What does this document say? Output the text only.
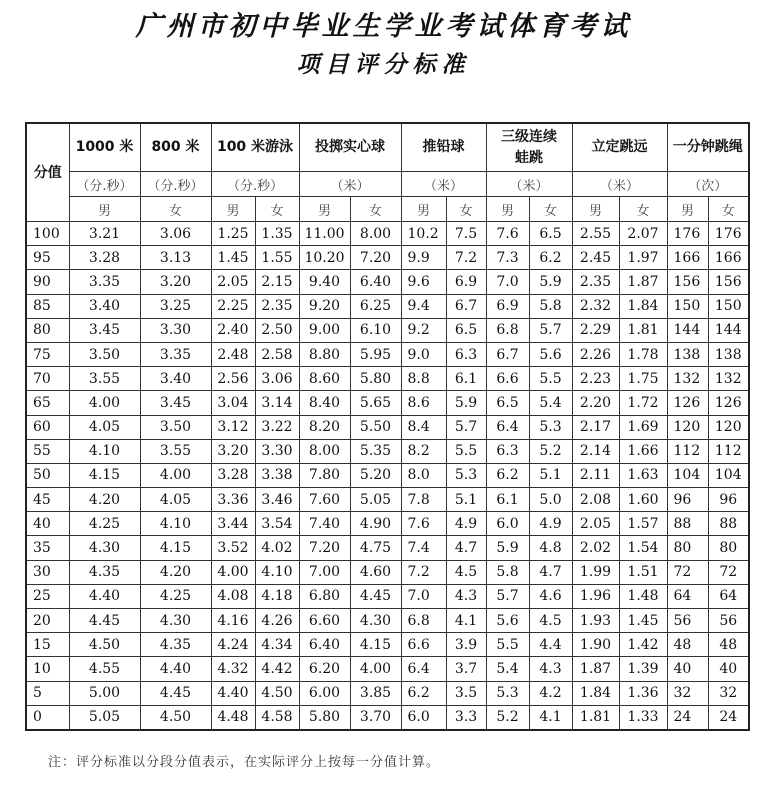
广州市初中毕业生学业考试体育考试
项目评分标准
分值	1000 米	800 米	100 米游泳		投掷实心球		推铅球		三级连续蛙跳		立定跳远		一分钟跳绳	
	（分.秒）	（分.秒）	（分.秒）		（米）		（米）		（米）		（米）		（次）	
	男	女	男	女	男	女	男	女	男	女	男	女	男	女
100	3.21	3.06	1.25	1.35	11.00	8.00	10.2	7.5	7.6	6.5	2.55	2.07	176	176
95	3.28	3.13	1.45	1.55	10.20	7.20	9.9	7.2	7.3	6.2	2.45	1.97	166	166
90	3.35	3.20	2.05	2.15	9.40	6.40	9.6	6.9	7.0	5.9	2.35	1.87	156	156
85	3.40	3.25	2.25	2.35	9.20	6.25	9.4	6.7	6.9	5.8	2.32	1.84	150	150
80	3.45	3.30	2.40	2.50	9.00	6.10	9.2	6.5	6.8	5.7	2.29	1.81	144	144
75	3.50	3.35	2.48	2.58	8.80	5.95	9.0	6.3	6.7	5.6	2.26	1.78	138	138
70	3.55	3.40	2.56	3.06	8.60	5.80	8.8	6.1	6.6	5.5	2.23	1.75	132	132
65	4.00	3.45	3.04	3.14	8.40	5.65	8.6	5.9	6.5	5.4	2.20	1.72	126	126
60	4.05	3.50	3.12	3.22	8.20	5.50	8.4	5.7	6.4	5.3	2.17	1.69	120	120
55	4.10	3.55	3.20	3.30	8.00	5.35	8.2	5.5	6.3	5.2	2.14	1.66	112	112
50	4.15	4.00	3.28	3.38	7.80	5.20	8.0	5.3	6.2	5.1	2.11	1.63	104	104
45	4.20	4.05	3.36	3.46	7.60	5.05	7.8	5.1	6.1	5.0	2.08	1.60	96	96
40	4.25	4.10	3.44	3.54	7.40	4.90	7.6	4.9	6.0	4.9	2.05	1.57	88	88
35	4.30	4.15	3.52	4.02	7.20	4.75	7.4	4.7	5.9	4.8	2.02	1.54	80	80
30	4.35	4.20	4.00	4.10	7.00	4.60	7.2	4.5	5.8	4.7	1.99	1.51	72	72
25	4.40	4.25	4.08	4.18	6.80	4.45	7.0	4.3	5.7	4.6	1.96	1.48	64	64
20	4.45	4.30	4.16	4.26	6.60	4.30	6.8	4.1	5.6	4.5	1.93	1.45	56	56
15	4.50	4.35	4.24	4.34	6.40	4.15	6.6	3.9	5.5	4.4	1.90	1.42	48	48
10	4.55	4.40	4.32	4.42	6.20	4.00	6.4	3.7	5.4	4.3	1.87	1.39	40	40
5	5.00	4.45	4.40	4.50	6.00	3.85	6.2	3.5	5.3	4.2	1.84	1.36	32	32
0	5.05	4.50	4.48	4.58	5.80	3.70	6.0	3.3	5.2	4.1	1.81	1.33	24	24
注：评分标准以分段分值表示，在实际评分上按每一分值计算。
